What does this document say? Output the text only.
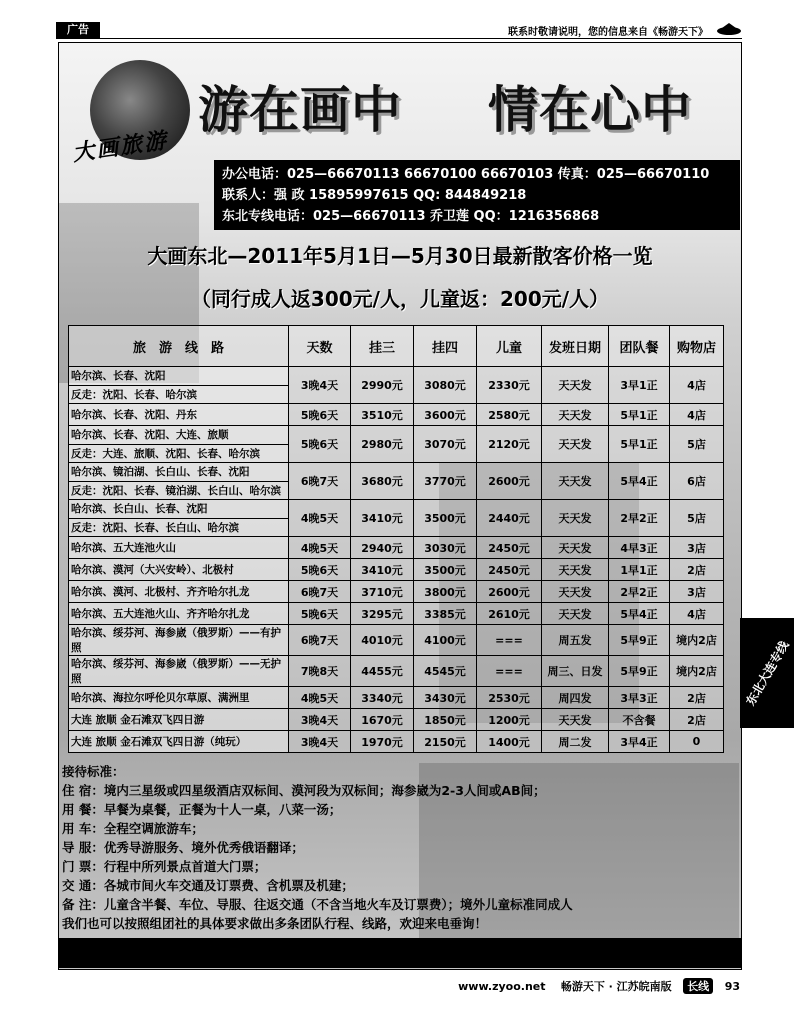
广告	联系时敬请说明，您的信息来自《畅游天下》
大画旅游
游在画中 情在心中
办公电话：025—66670113 66670100 66670103 传真：025—66670110
联系人：强 政 15895997615 QQ: 844849218
东北专线电话：025—66670113 乔卫莲 QQ：1216356868
大画东北—2011年5月1日—5月30日最新散客价格一览
（同行成人返300元/人，儿童返：200元/人）
旅　游　线　路	天数	挂三	挂四	儿童	发班日期	团队餐	购物店
哈尔滨、长春、沈阳	3晚4天	2990元	3080元	2330元	天天发	3早1正	4店
反走：沈阳、长春、哈尔滨							
哈尔滨、长春、沈阳、丹东	5晚6天	3510元	3600元	2580元	天天发	5早1正	4店
哈尔滨、长春、沈阳、大连、旅顺	5晚6天	2980元	3070元	2120元	天天发	5早1正	5店
反走：大连、旅顺、沈阳、长春、哈尔滨							
哈尔滨、镜泊湖、长白山、长春、沈阳	6晚7天	3680元	3770元	2600元	天天发	5早4正	6店
反走：沈阳、长春、镜泊湖、长白山、哈尔滨							
哈尔滨、长白山、长春、沈阳	4晚5天	3410元	3500元	2440元	天天发	2早2正	5店
反走：沈阳、长春、长白山、哈尔滨							
哈尔滨、五大连池火山	4晚5天	2940元	3030元	2450元	天天发	4早3正	3店
哈尔滨、漠河（大兴安岭）、北极村	5晚6天	3410元	3500元	2450元	天天发	1早1正	2店
哈尔滨、漠河、北极村、齐齐哈尔扎龙	6晚7天	3710元	3800元	2600元	天天发	2早2正	3店
哈尔滨、五大连池火山、齐齐哈尔扎龙	5晚6天	3295元	3385元	2610元	天天发	5早4正	4店
哈尔滨、绥芬河、海参崴（俄罗斯）——有护照	6晚7天	4010元	4100元	===	周五发	5早9正	境内2店
哈尔滨、绥芬河、海参崴（俄罗斯）——无护照	7晚8天	4455元	4545元	===	周三、日发	5早9正	境内2店
哈尔滨、海拉尔呼伦贝尔草原、满洲里	4晚5天	3340元	3430元	2530元	周四发	3早3正	2店
大连 旅顺 金石滩双飞四日游	3晚4天	1670元	1850元	1200元	天天发	不含餐	2店
大连 旅顺 金石滩双飞四日游（纯玩）	3晚4天	1970元	2150元	1400元	周二发	3早4正	0
接待标准：
住 宿：境内三星级或四星级酒店双标间、漠河段为双标间；海参崴为2-3人间或AB间；
用 餐：早餐为桌餐，正餐为十人一桌，八菜一汤；
用 车：全程空调旅游车；
导 服：优秀导游服务、境外优秀俄语翻译；
门 票：行程中所列景点首道大门票；
交 通：各城市间火车交通及订票费、含机票及机建；
备 注：儿童含半餐、车位、导服、往返交通（不含当地火车及订票费）；境外儿童标准同成人
我们也可以按照组团社的具体要求做出多条团队行程、线路，欢迎来电垂询！
东北大连专线
www.zyoo.net 畅游天下 · 江苏皖南版 长线 93
